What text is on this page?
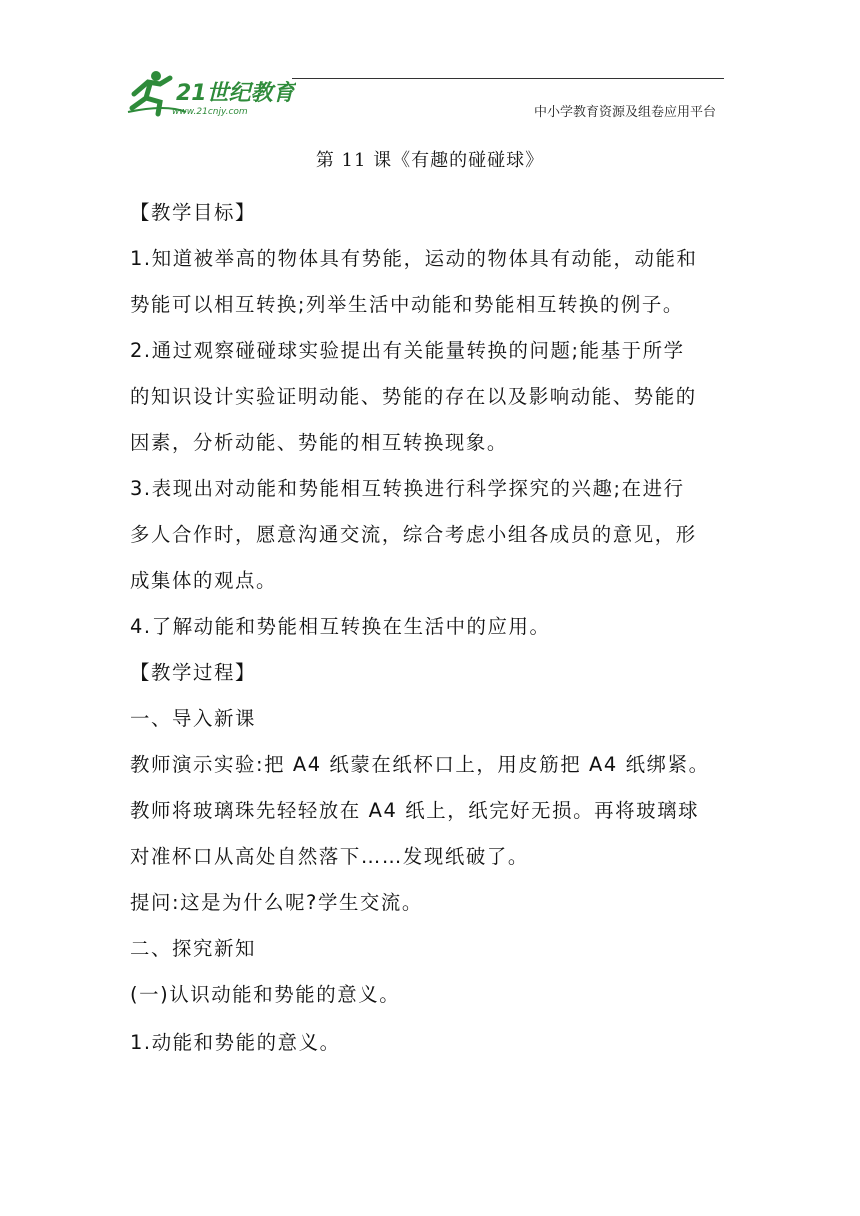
21世纪教育
www.21cnjy.com	中小学教育资源及组卷应用平台
第 11 课《有趣的碰碰球》

【教学目标】

1.知道被举高的物体具有势能，运动的物体具有动能，动能和

势能可以相互转换;列举生活中动能和势能相互转换的例子。

2.通过观察碰碰球实验提出有关能量转换的问题;能基于所学

的知识设计实验证明动能、势能的存在以及影响动能、势能的

因素，分析动能、势能的相互转换现象。

3.表现出对动能和势能相互转换进行科学探究的兴趣;在进行

多人合作时，愿意沟通交流，综合考虑小组各成员的意见，形

成集体的观点。

4.了解动能和势能相互转换在生活中的应用。

【教学过程】

一、导入新课

教师演示实验:把 A4 纸蒙在纸杯口上，用皮筋把 A4 纸绑紧。

教师将玻璃珠先轻轻放在 A4 纸上，纸完好无损。再将玻璃球

对准杯口从高处自然落下……发现纸破了。

提问:这是为什么呢?学生交流。

二、探究新知

(一)认识动能和势能的意义。

1.动能和势能的意义。
